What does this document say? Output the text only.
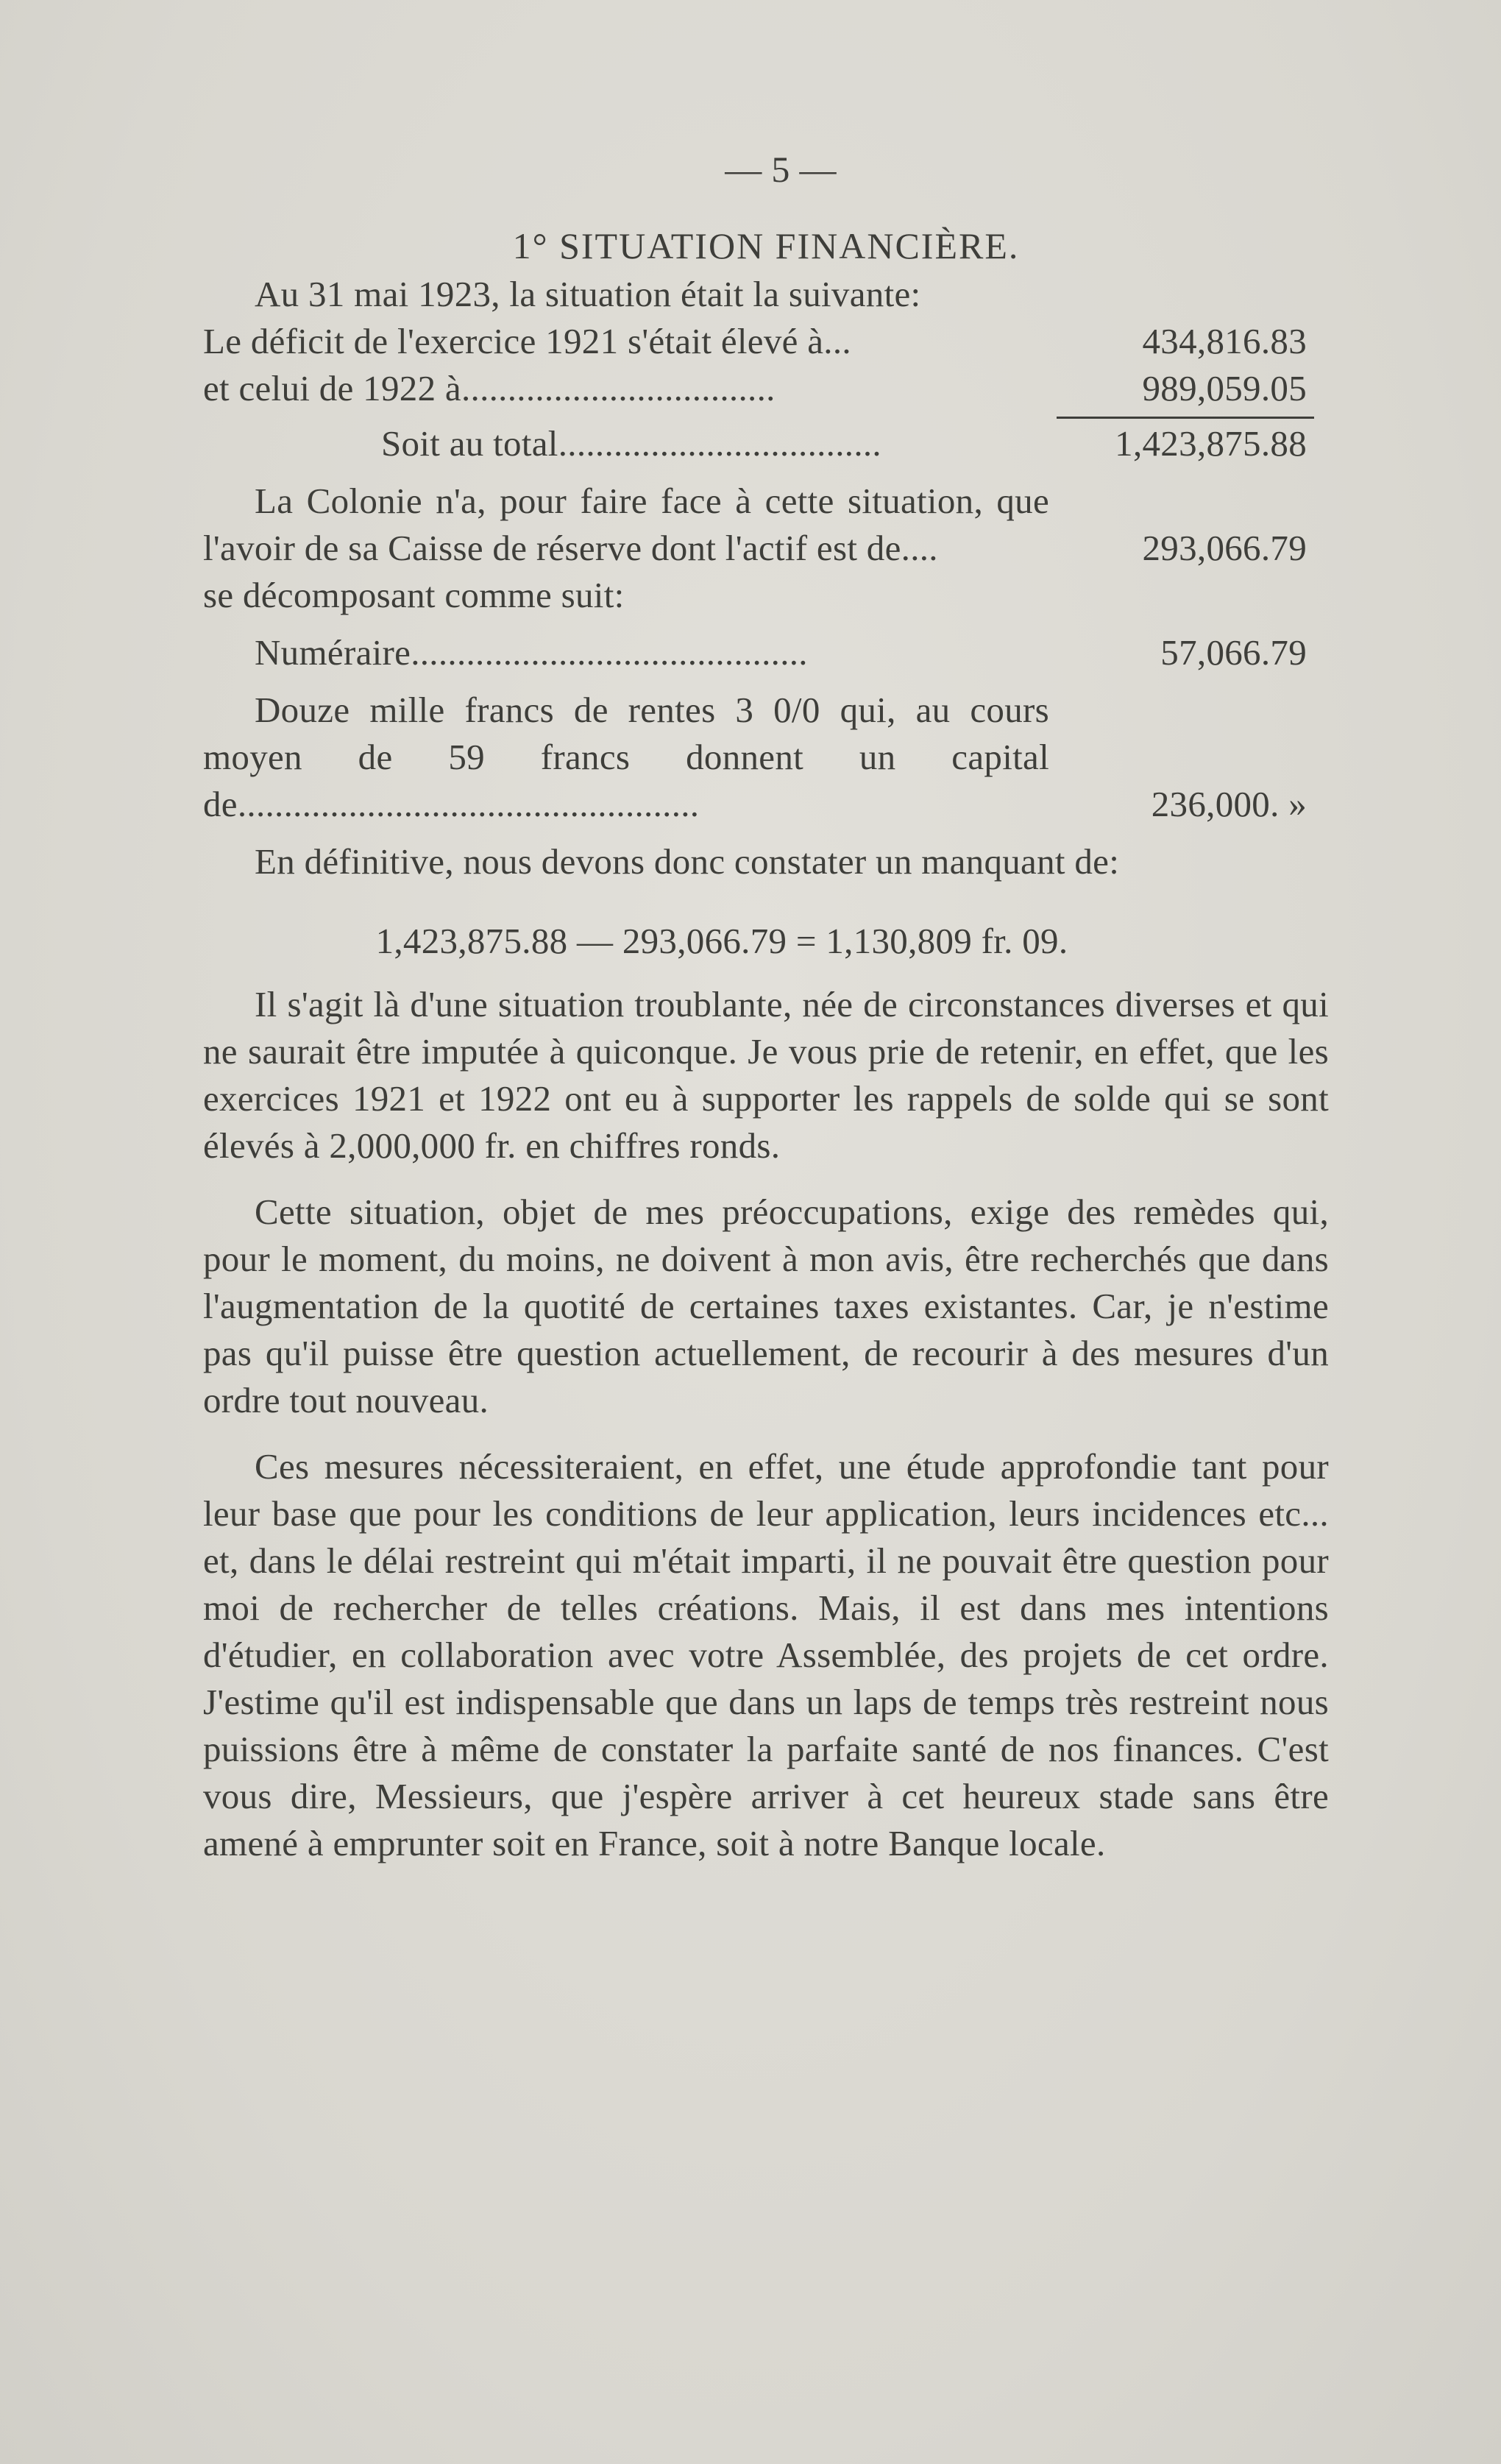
— 5 —
1° SITUATION FINANCIÈRE.

Au 31 mai 1923, la situation était la suivante:

Le déficit de l'exercice 1921 s'était élevé à...	434,816.83
et celui de 1922 à..................................	989,059.05
Soit au total...................................	1,423,875.88

La Colonie n'a, pour faire face à cette situation, que l'avoir de sa Caisse de réserve dont l'actif est de....	293,066.79

se décomposant comme suit:

Numéraire...........................................	57,066.79

Douze mille francs de rentes 3 0/0 qui, au cours moyen de 59 francs donnent un capital de..................................................	236,000. »

En définitive, nous devons donc constater un manquant de:

1,423,875.88 — 293,066.79 = 1,130,809 fr. 09.

Il s'agit là d'une situation troublante, née de circonstances diverses et qui ne saurait être imputée à quiconque. Je vous prie de retenir, en effet, que les exercices 1921 et 1922 ont eu à supporter les rappels de solde qui se sont élevés à 2,000,000 fr. en chiffres ronds.

Cette situation, objet de mes préoccupations, exige des remèdes qui, pour le moment, du moins, ne doivent à mon avis, être recherchés que dans l'augmentation de la quotité de certaines taxes existantes. Car, je n'estime pas qu'il puisse être question actuellement, de recourir à des mesures d'un ordre tout nouveau.

Ces mesures nécessiteraient, en effet, une étude approfondie tant pour leur base que pour les conditions de leur application, leurs incidences etc... et, dans le délai restreint qui m'était imparti, il ne pouvait être question pour moi de rechercher de telles créations. Mais, il est dans mes intentions d'étudier, en collaboration avec votre Assemblée, des projets de cet ordre. J'estime qu'il est indispensable que dans un laps de temps très restreint nous puissions être à même de constater la parfaite santé de nos finances. C'est vous dire, Messieurs, que j'espère arriver à cet heureux stade sans être amené à emprunter soit en France, soit à notre Banque locale.
